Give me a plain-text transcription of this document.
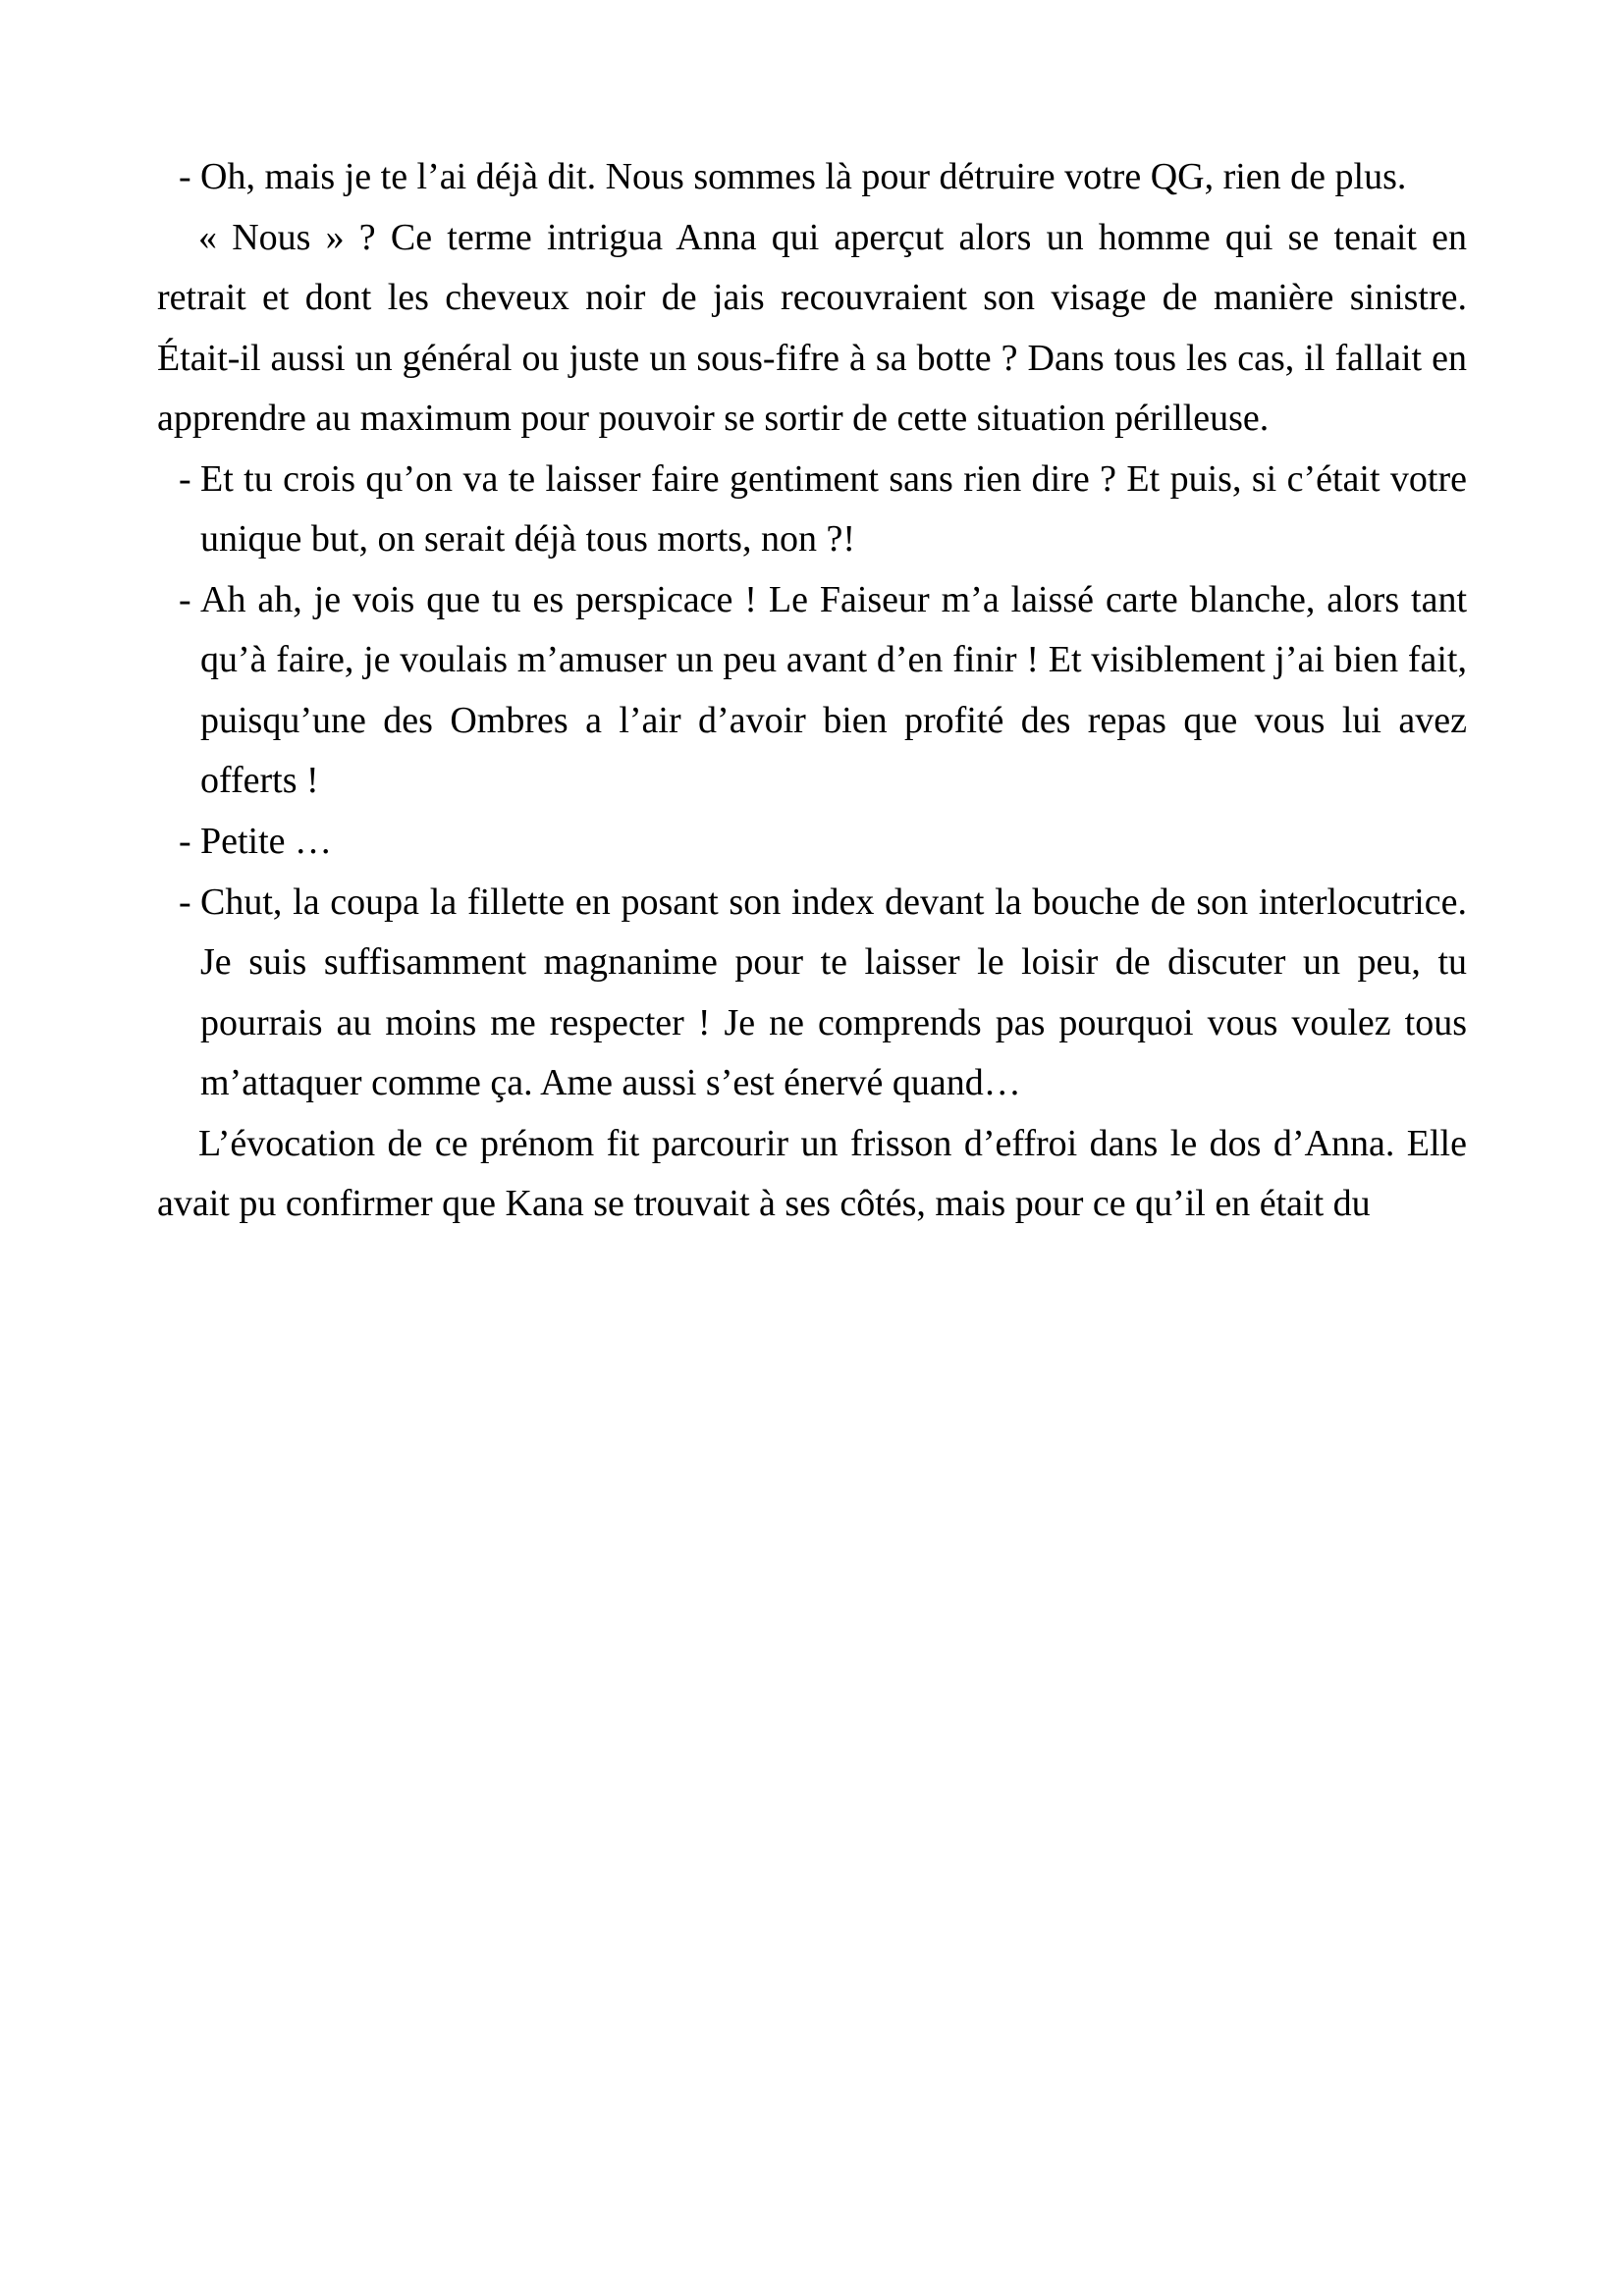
- Oh, mais je te l’ai déjà dit. Nous sommes là pour détruire votre QG, rien de plus.

« Nous » ? Ce terme intrigua Anna qui aperçut alors un homme qui se tenait en retrait et dont les cheveux noir de jais recouvraient son visage de manière sinistre. Était-il aussi un général ou juste un sous-fifre à sa botte ? Dans tous les cas, il fallait en apprendre au maximum pour pouvoir se sortir de cette situation périlleuse.

- Et tu crois qu’on va te laisser faire gentiment sans rien dire ? Et puis, si c’était votre unique but, on serait déjà tous morts, non ?!
- Ah ah, je vois que tu es perspicace ! Le Faiseur m’a laissé carte blanche, alors tant qu’à faire, je voulais m’amuser un peu avant d’en finir ! Et visiblement j’ai bien fait, puisqu’une des Ombres a l’air d’avoir bien profité des repas que vous lui avez offerts !
- Petite …
- Chut, la coupa la fillette en posant son index devant la bouche de son interlocutrice. Je suis suffisamment magnanime pour te laisser le loisir de discuter un peu, tu pourrais au moins me respecter ! Je ne comprends pas pourquoi vous voulez tous m’attaquer comme ça. Ame aussi s’est énervé quand…

L’évocation de ce prénom fit parcourir un frisson d’effroi dans le dos d’Anna. Elle avait pu confirmer que Kana se trouvait à ses côtés, mais pour ce qu’il en était du
